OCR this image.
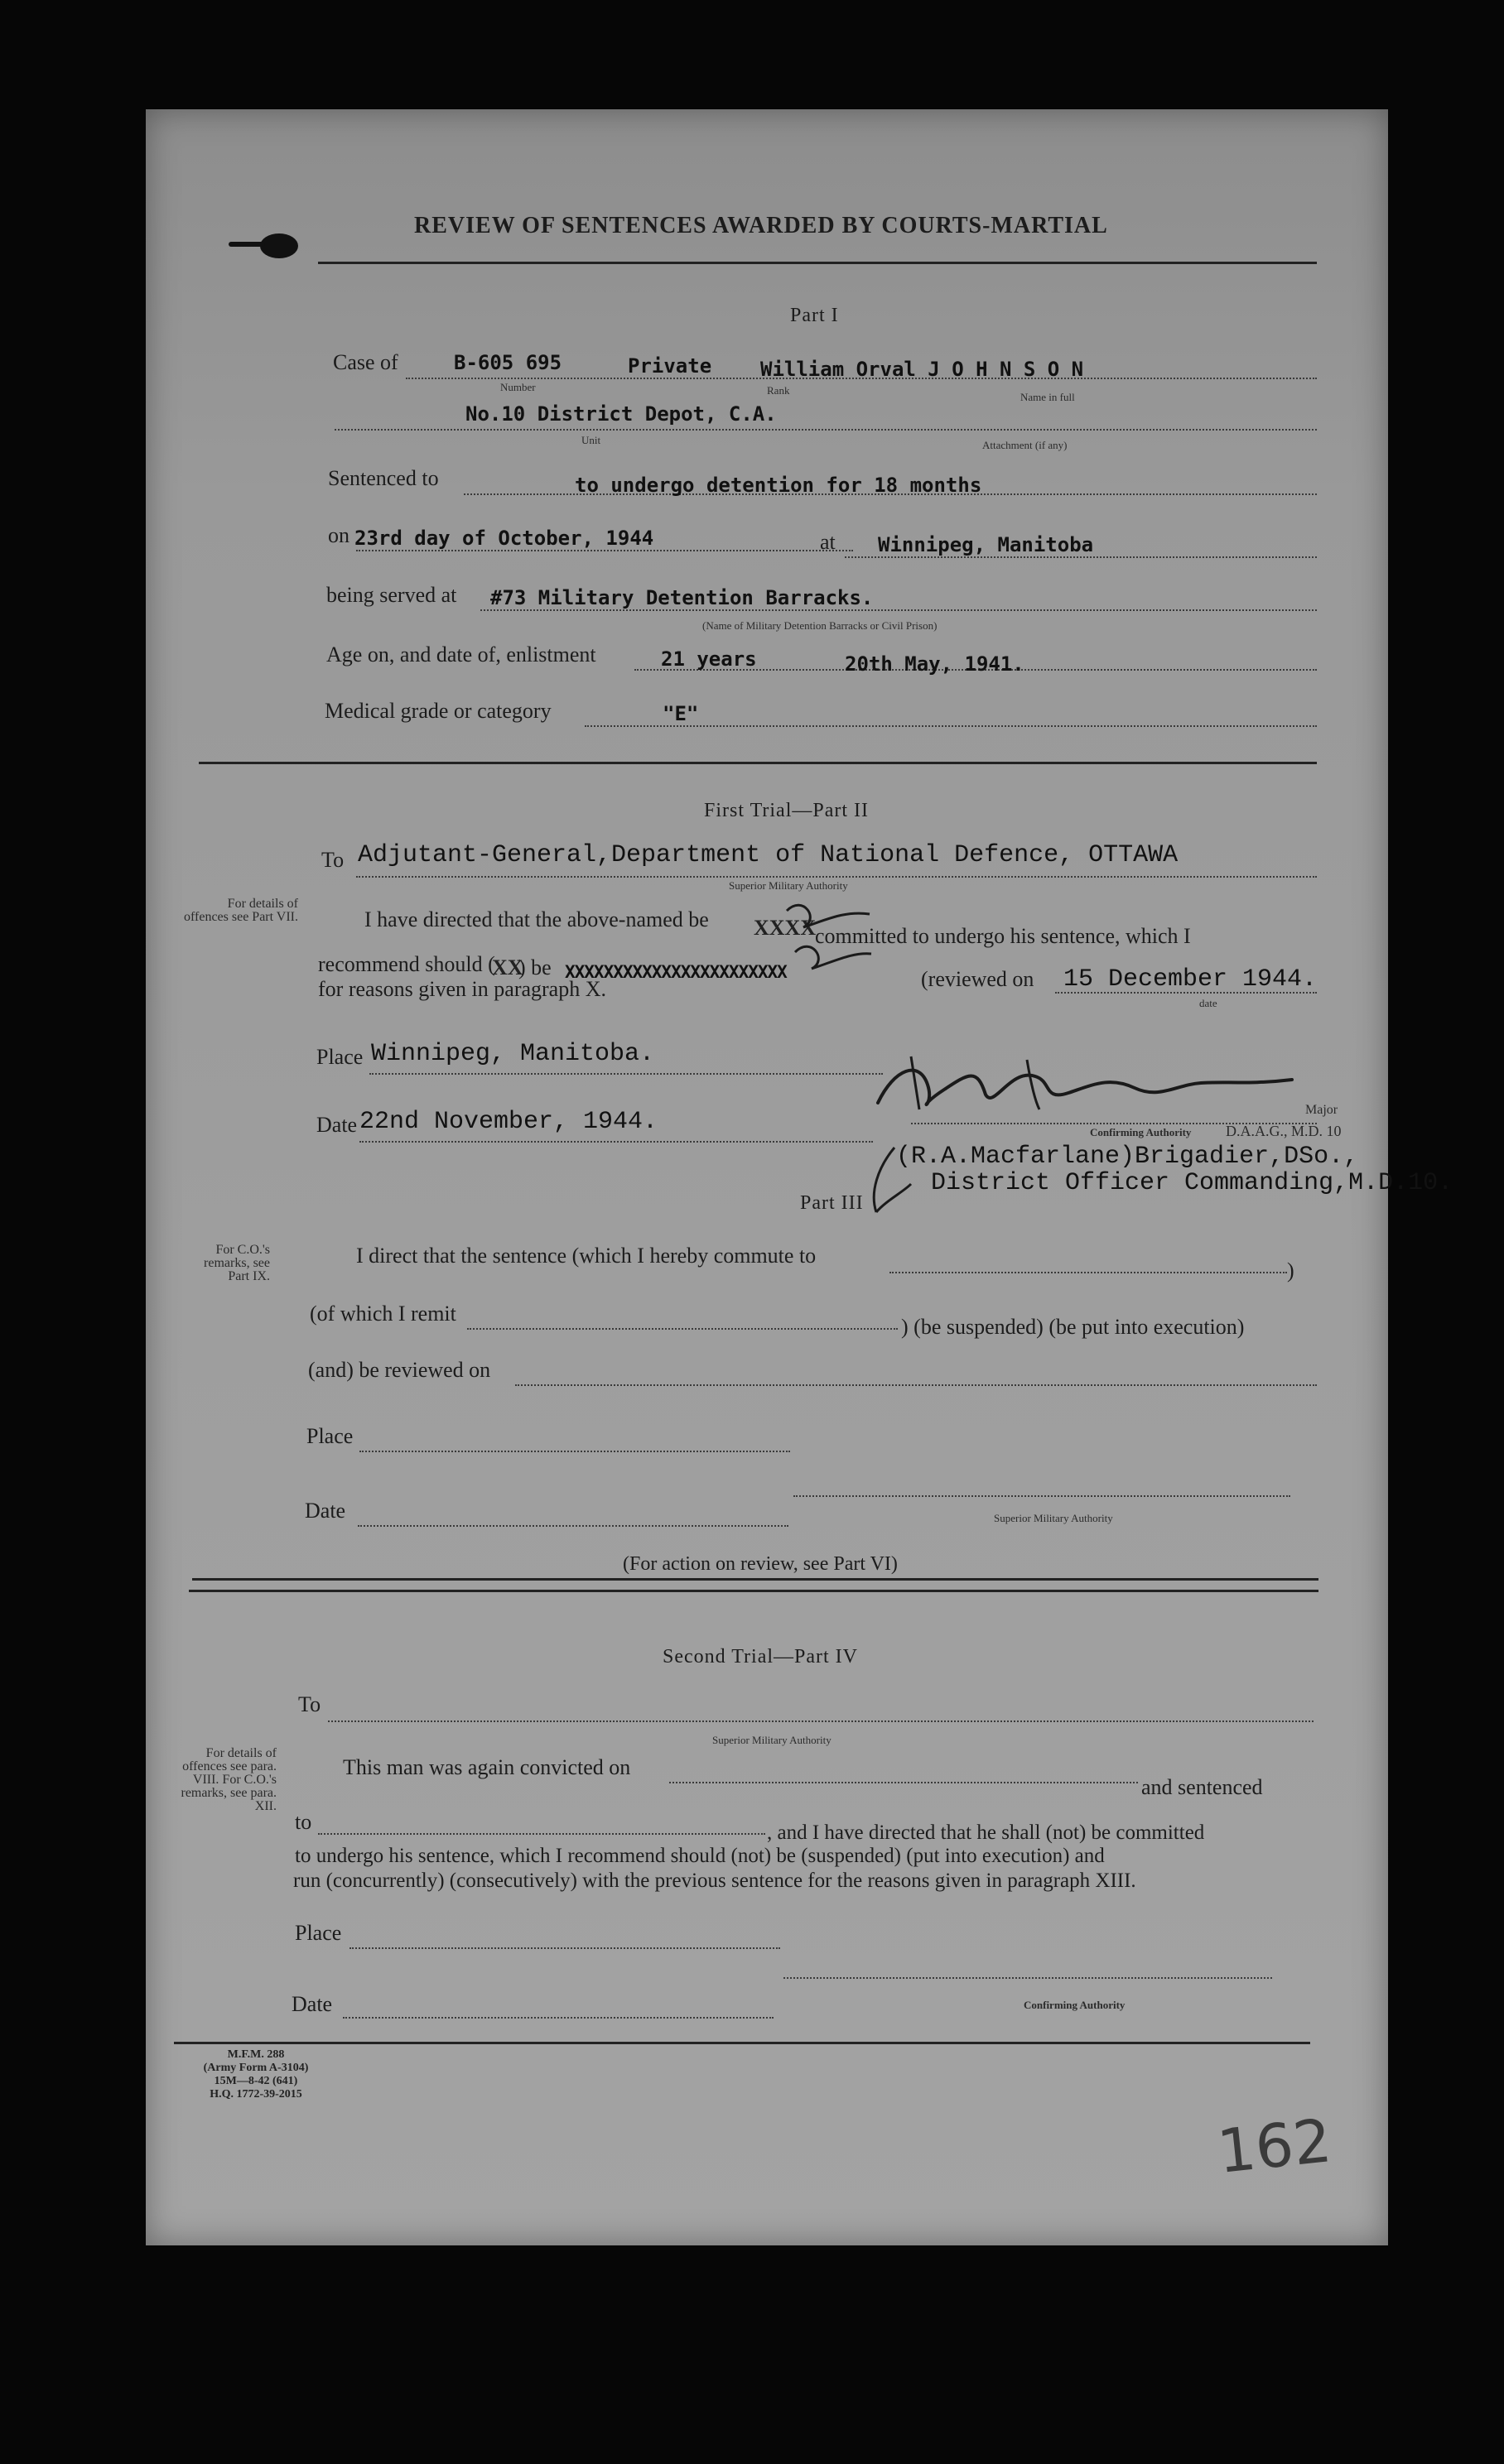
REVIEW OF SENTENCES AWARDED BY COURTS-MARTIAL
Part I
Case of	B-605 695	Private William Orval J O H N S O N
Number	Rank
Name in full
No.10 District Depot, C.A.
Unit	Attachment (if any)
Sentenced to	to undergo detention for 18 months
on 23rd day of October, 1944	at Winnipeg, Manitoba
being served at #73 Military Detention Barracks.
(Name of Military Detention Barracks or Civil Prison)
Age on, and date of, enlistment	21 years	20th May, 1941.
Medical grade or category	"E"
First Trial—Part II
To Adjutant-General,Department of National Defence, OTTAWA
Superior Military Authority
For details of offences see Part VII.	I have directed that the above-named be XXXX
committed to undergo his sentence, which I
recommend should (
XX
) be XXXXXXXXXXXXXXXXXXXXXXX	(reviewed on 15 December 1944.
date
for reasons given in paragraph X.
Place Winnipeg, Manitoba.
Date 22nd November, 1944.	Confirming Authority
Major
D.A.A.G., M.D. 10
(R.A.Macfarlane)Brigadier,DSo.,
District Officer Commanding,M.D.10.
Part III
For C.O.'s remarks, see Part IX.
I direct that the sentence (which I hereby commute to
)
(of which I remit
) (be suspended) (be put into execution)
(and) be reviewed on
Place
Date	Superior Military Authority
(For action on review, see Part VI)
Second Trial—Part IV
To
Superior Military Authority
For details of offences see para. VIII. For C.O.'s remarks, see para. XII.
This man was again convicted on
and sentenced
to	, and I have directed that he shall (not) be committed
to undergo his sentence, which I recommend should (not) be (suspended) (put into execution) and
run (concurrently) (consecutively) with the previous sentence for the reasons given in paragraph XIII.
Place
Date	Confirming Authority
M.F.M. 288
(Army Form A-3104)
15M—8-42 (641)
H.Q. 1772-39-2015
162
